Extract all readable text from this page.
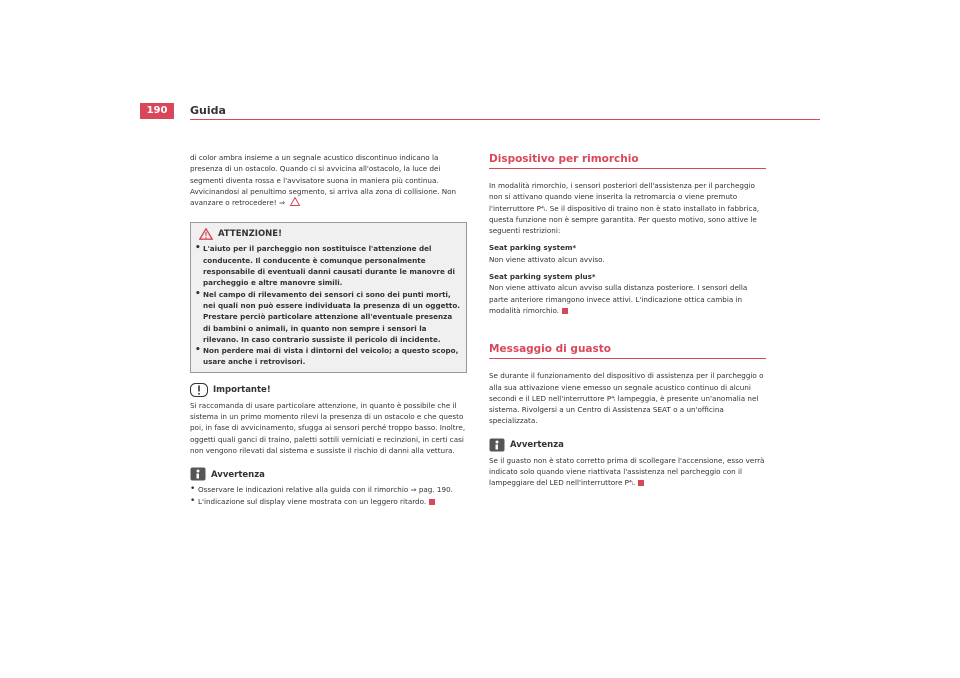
190	Guida

di color ambra insieme a un segnale acustico discontinuo indicano la presenza di un ostacolo. Quando ci si avvicina all'ostacolo, la luce dei segmenti diventa rossa e l'avvisatore suona in maniera più continua. Avvicinandosi al penultimo segmento, si arriva alla zona di collisione. Non avanzare o retrocedere! ⇒

ATTENZIONE!
• L'aiuto per il parcheggio non sostituisce l'attenzione del conducente. Il conducente è comunque personalmente responsabile di eventuali danni causati durante le manovre di parcheggio e altre manovre simili.
• Nel campo di rilevamento dei sensori ci sono dei punti morti, nei quali non può essere individuata la presenza di un oggetto. Prestare perciò particolare attenzione all'eventuale presenza di bambini o animali, in quanto non sempre i sensori la rilevano. In caso contrario sussiste il pericolo di incidente.
• Non perdere mai di vista i dintorni del veicolo; a questo scopo, usare anche i retrovisori.
Importante!

Si raccomanda di usare particolare attenzione, in quanto è possibile che il sistema in un primo momento rilevi la presenza di un ostacolo e che questo poi, in fase di avvicinamento, sfugga ai sensori perché troppo basso. Inoltre, oggetti quali ganci di traino, paletti sottili verniciati e recinzioni, in certi casi non vengono rilevati dal sistema e sussiste il rischio di danni alla vettura.

Avvertenza
• Osservare le indicazioni relative alla guida con il rimorchio ⇒ pag. 190.
• L'indicazione sul display viene mostrata con un leggero ritardo.
Dispositivo per rimorchio

In modalità rimorchio, i sensori posteriori dell'assistenza per il parcheggio non si attivano quando viene inserita la retromarcia o viene premuto l'interruttore P⁴ᵢ. Se il dispositivo di traino non è stato installato in fabbrica, questa funzione non è sempre garantita. Per questo motivo, sono attive le seguenti restrizioni:

Seat parking system*

Non viene attivato alcun avviso.

Seat parking system plus*

Non viene attivato alcun avviso sulla distanza posteriore. I sensori della parte anteriore rimangono invece attivi. L'indicazione ottica cambia in modalità rimorchio.

Messaggio di guasto

Se durante il funzionamento del dispositivo di assistenza per il parcheggio o alla sua attivazione viene emesso un segnale acustico continuo di alcuni secondi e il LED nell'interruttore P⁴ᵢ lampeggia, è presente un'anomalia nel sistema. Rivolgersi a un Centro di Assistenza SEAT o a un'officina specializzata.

Avvertenza

Se il guasto non è stato corretto prima di scollegare l'accensione, esso verrà indicato solo quando viene riattivata l'assistenza nel parcheggio con il lampeggiare del LED nell'interruttore P⁴ᵢ.
